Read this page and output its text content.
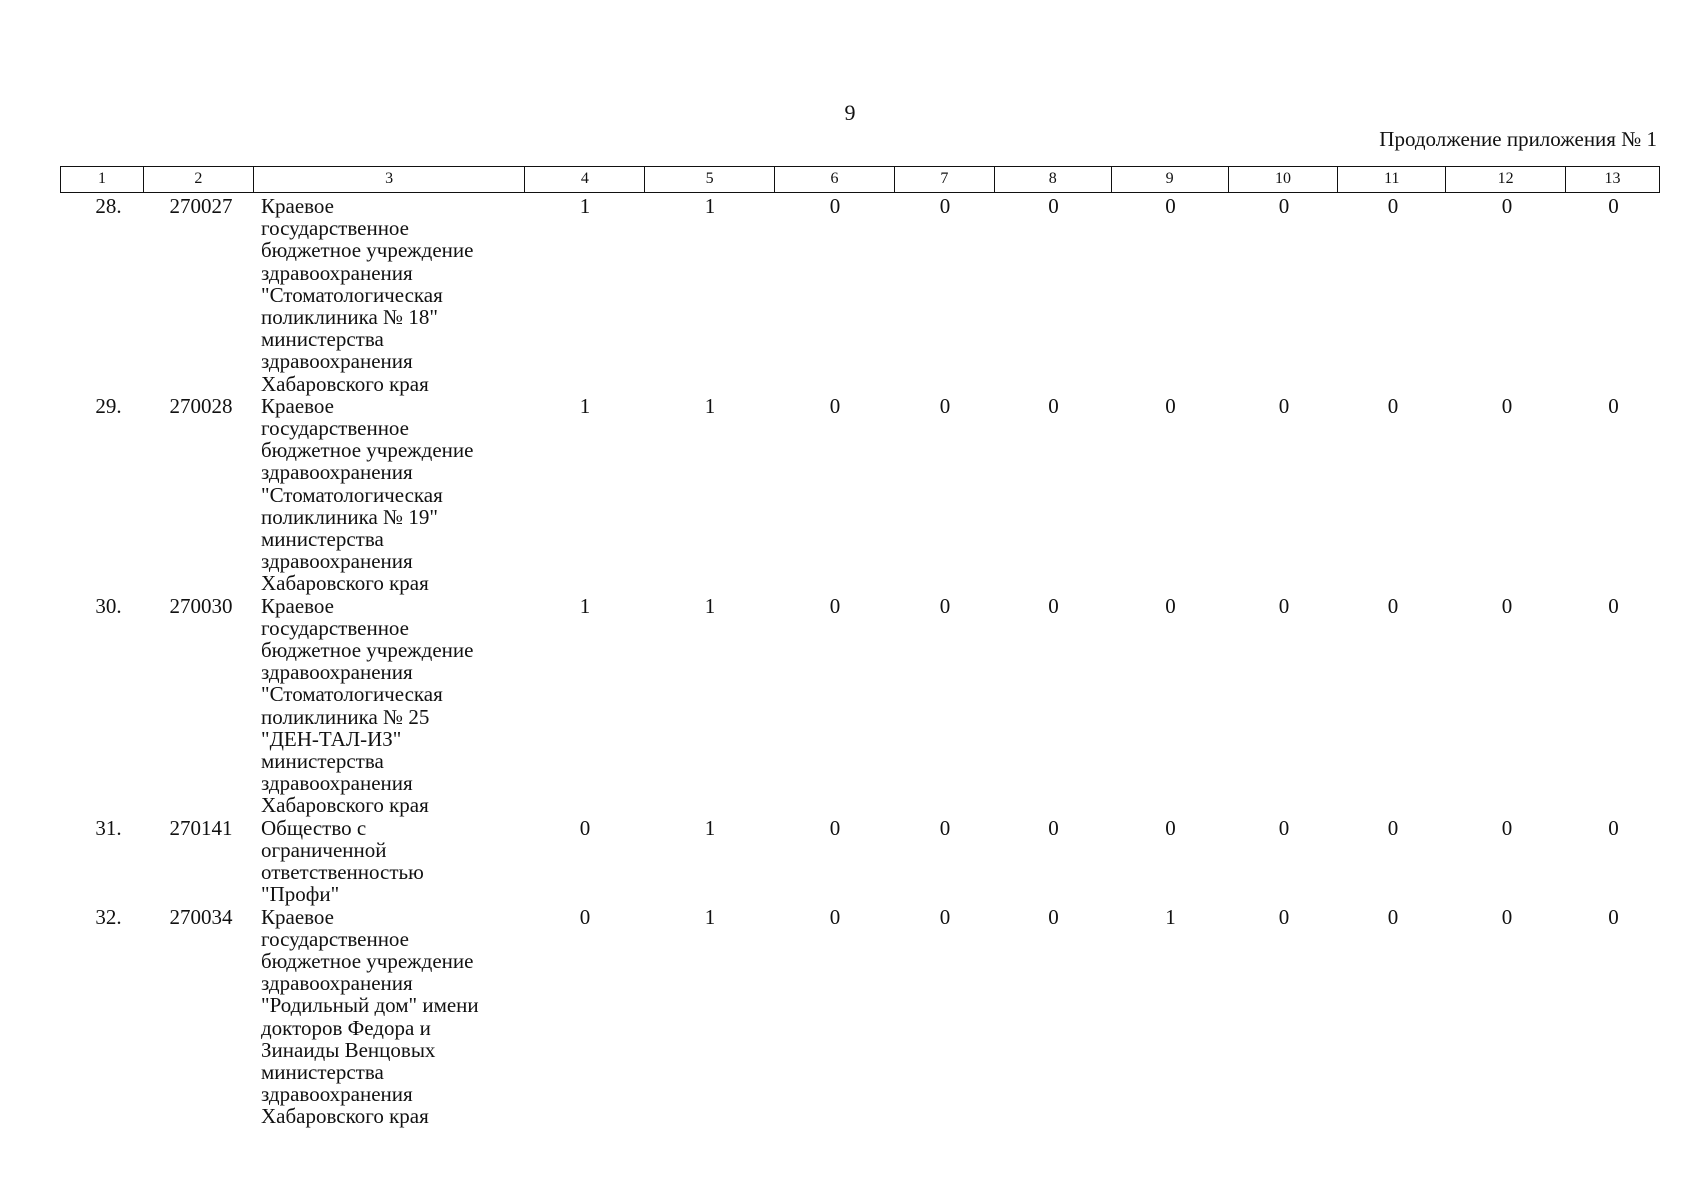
9
Продолжение приложения № 1
1	2	3	4	5	6	7	8	9	10	11	12	13
28.	270027	Краевое
государственное
бюджетное учреждение
здравоохранения
"Стоматологическая
поликлиника № 18"
министерства
здравоохранения
Хабаровского края
1	1	0	0	0	0	0	0	0	0
29.	270028	Краевое
государственное
бюджетное учреждение
здравоохранения
"Стоматологическая
поликлиника № 19"
министерства
здравоохранения
Хабаровского края
1	1	0	0	0	0	0	0	0	0
30.	270030	Краевое
государственное
бюджетное учреждение
здравоохранения
"Стоматологическая
поликлиника № 25
"ДЕН-ТАЛ-ИЗ"
министерства
здравоохранения
Хабаровского края
1	1	0	0	0	0	0	0	0	0
31.	270141	Общество с
ограниченной
ответственностью
"Профи"
0	1	0	0	0	0	0	0	0	0
32.	270034	Краевое
государственное
бюджетное учреждение
здравоохранения
"Родильный дом" имени
докторов Федора и
Зинаиды Венцовых
министерства
здравоохранения
Хабаровского края
0	1	0	0	0	1	0	0	0	0
